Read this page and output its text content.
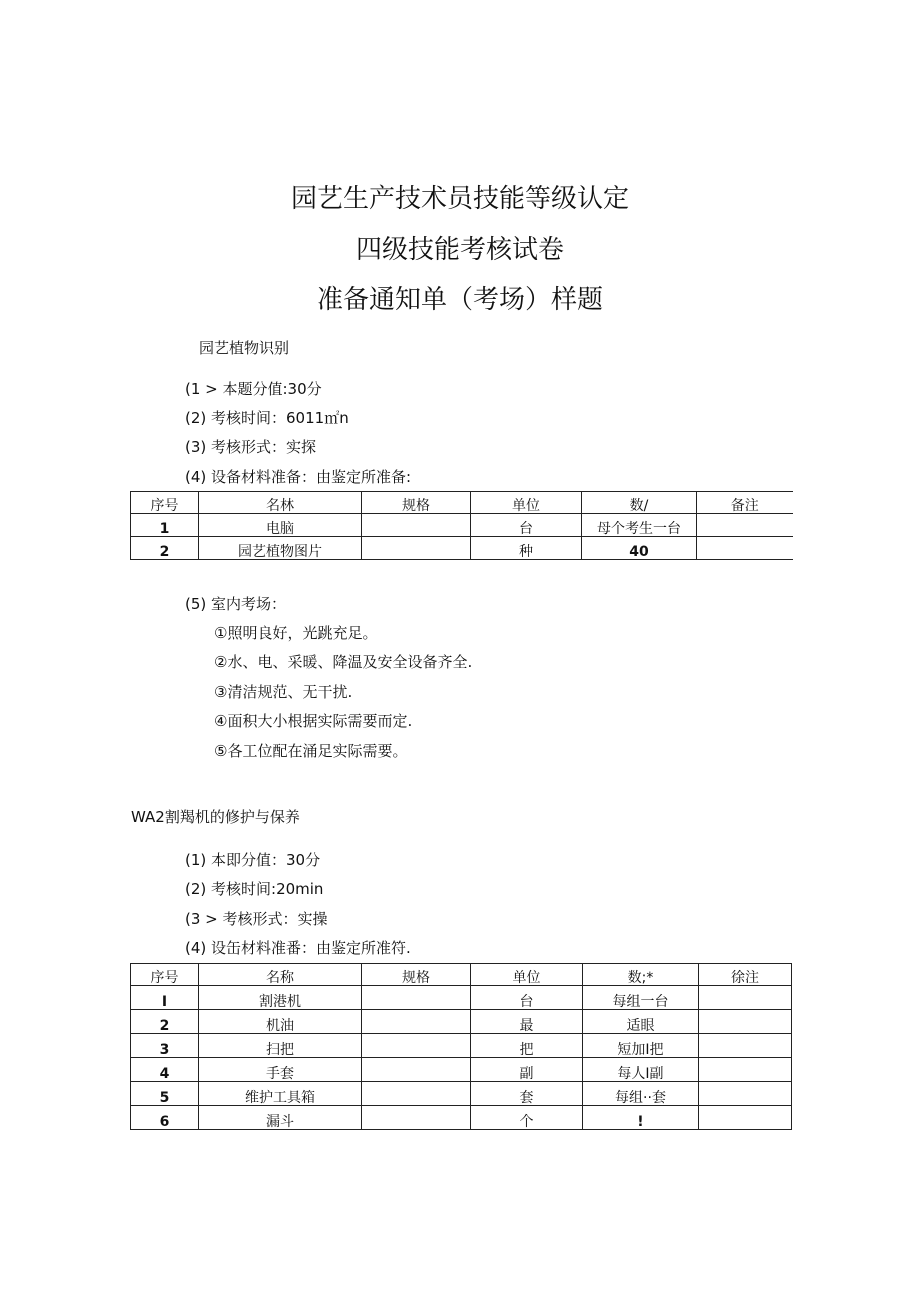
园艺生产技术员技能等级认定
四级技能考核试卷
准备通知单（考场）样题
园艺植物识别
(1 > 本题分值:30分
(2) 考核时间：6011㎡n
(3) 考核形式：实探
(4) 设备材料准备：由鉴定所准备:
序号	名林	规格	单位	数/	备注
1	电脑		台	母个考生一台	
2	园艺植物图片		种	40	
(5) 室内考场：
①照明良好，光跳充足。
②水、电、采暖、降温及安全设备齐全.
③清洁规范、无干扰.
④面积大小根据实际需要而定.
⑤各工位配在涌足实际需要。
WA2割羯机的修护与保养
(1) 本即分值：30分
(2) 考核时间:20min
(3 > 考核形式：实操
(4) 设缶材料准番：由鉴定所准符.
序号	名称	规格	单位	数;*	徐注
I	割港机		台	每组一台	
2	机油		最	适眼	
3	扫把		把	短加I把	
4	手套		副	每人I副	
5	维护工具箱		套	每组··套	
6	漏斗		个	!	
